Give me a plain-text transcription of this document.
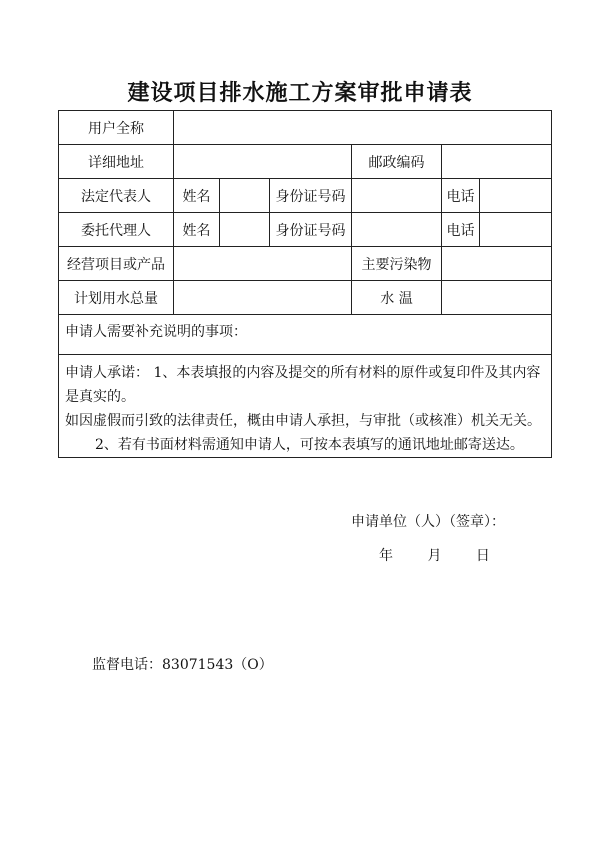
建设项目排水施工方案审批申请表
用户全称						
详细地址				邮政编码		
法定代表人	姓名		身份证号码		电话	
委托代理人	姓名		身份证号码		电话	
经营项目或产品				主要污染物		
计划用水总量				水 温		
申请人需要补充说明的事项：						

申请人承诺： 1、本表填报的内容及提交的所有材料的原件或复印件及其内容是真实的。

如因虚假而引致的法律责任，概由申请人承担，与审批（或核准）机关无关。

2、若有书面材料需通知申请人，可按本表填写的通讯地址邮寄送达。

申请单位（人）（签章）：
年 月 日						
监督电话：83071543（O）
